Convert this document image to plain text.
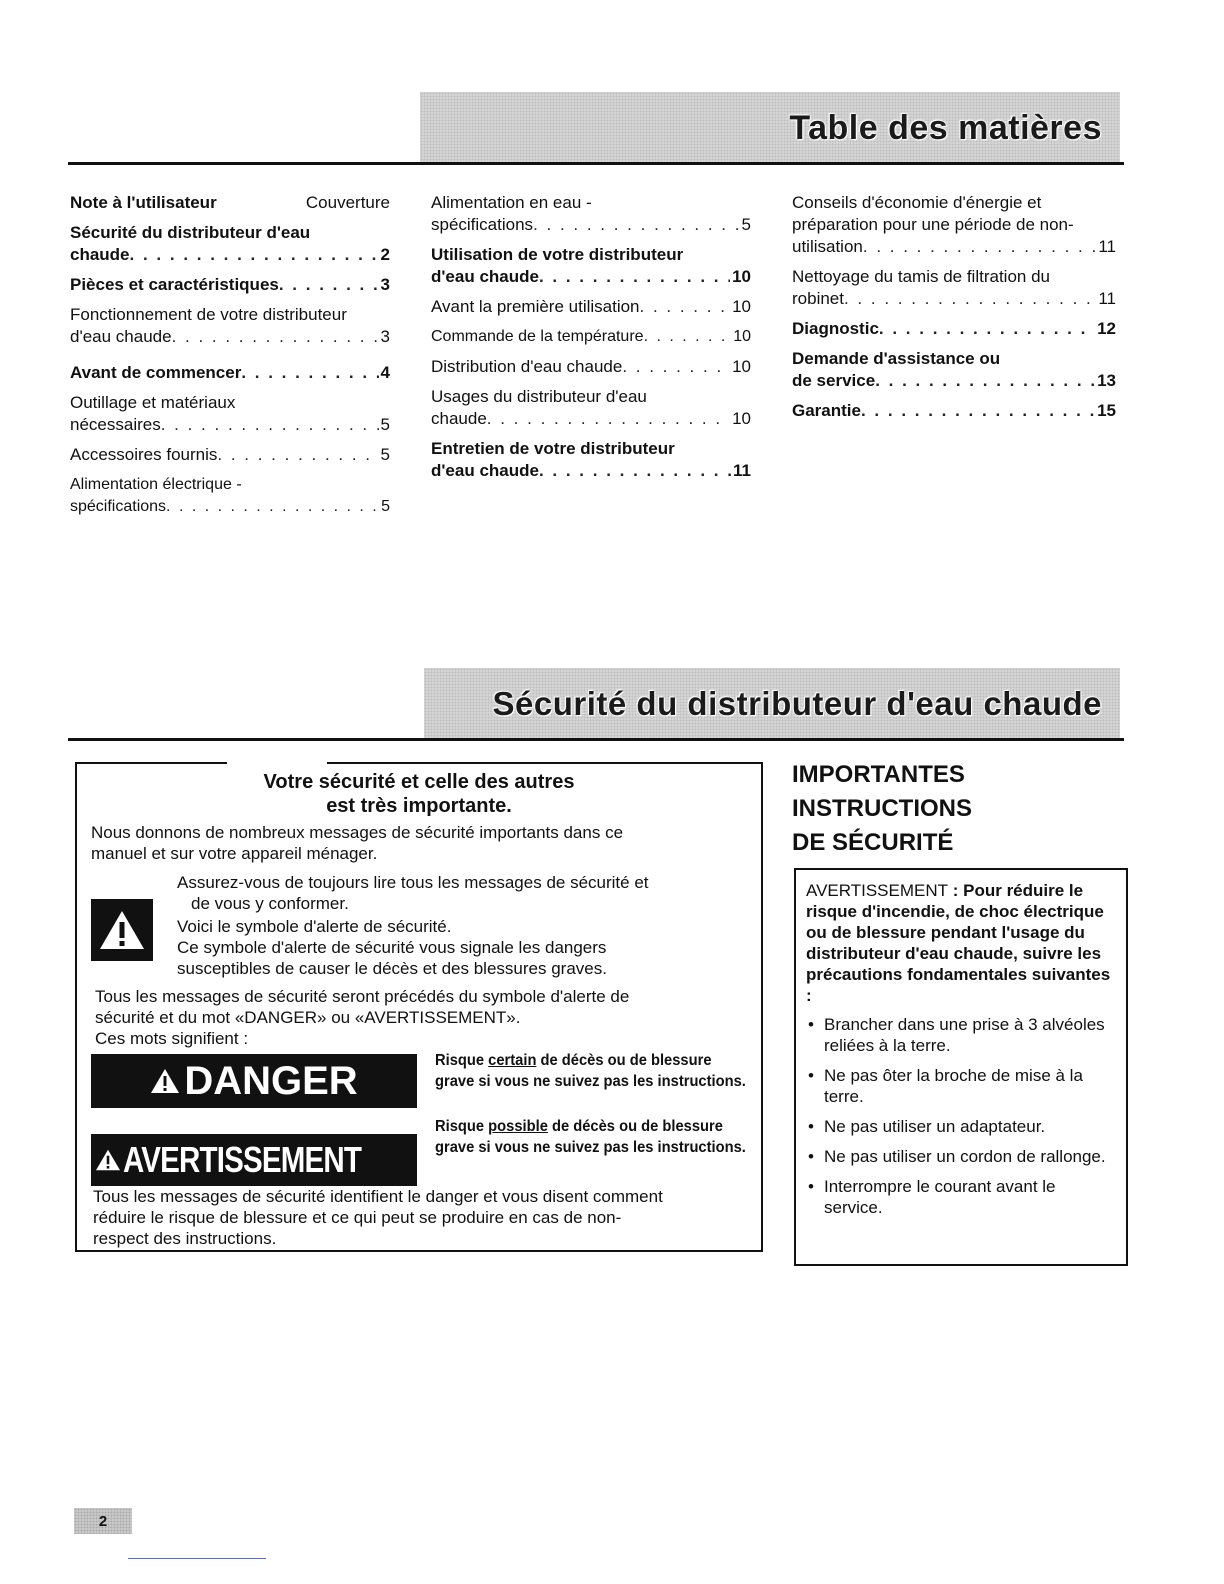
Table des matières
Note à l'utilisateur	Couverture
Sécurité du distributeur d'eau
chaude . . .	2
Pièces et caractéristiques . . .	3
Fonctionnement de votre distributeur
d'eau chaude . . .	3
Avant de commencer . . .	4
Outillage et matériaux
nécessaires . . .	5
Accessoires fournis . . .	5
Alimentation électrique -
spécifications . . .	5
Alimentation en eau -
spécifications . . .	5
Utilisation de votre distributeur
d'eau chaude . . .	10
Avant la première utilisation . . .	10
Commande de la température . . .	10
Distribution d'eau chaude . . .	10
Usages du distributeur d'eau
chaude . . .	10
Entretien de votre distributeur
d'eau chaude . . .	11
Conseils d'économie d'énergie et
préparation pour une période de non-
utilisation . . .	11
Nettoyage du tamis de filtration du
robinet . . .	11
Diagnostic . . .	12
Demande d'assistance ou
de service . . .	13
Garantie . . .	15
Sécurité du distributeur d'eau chaude
Votre sécurité et celle des autres
est très importante.
Nous donnons de nombreux messages de sécurité importants dans ce
manuel et sur votre appareil ménager.
Assurez-vous de toujours lire tous les messages de sécurité et
de vous y conformer.
Voici le symbole d'alerte de sécurité.
Ce symbole d'alerte de sécurité vous signale les dangers
susceptibles de causer le décès et des blessures graves.
Tous les messages de sécurité seront précédés du symbole d'alerte de
sécurité et du mot «DANGER» ou «AVERTISSEMENT».
Ces mots signifient :
DANGER	Risque certain de décès ou de blessure grave si vous ne suivez pas les instructions.
AVERTISSEMENT
Risque possible de décès ou de blessure grave si vous ne suivez pas les instructions.
Tous les messages de sécurité identifient le danger et vous disent comment
réduire le risque de blessure et ce qui peut se produire en cas de non-
respect des instructions.
IMPORTANTES
INSTRUCTIONS
DE SÉCURITÉ
AVERTISSEMENT : Pour réduire le risque d'incendie, de choc électrique ou de blessure pendant l'usage du distributeur d'eau chaude, suivre les précautions fondamentales suivantes :
• Brancher dans une prise à 3 alvéoles reliées à la terre.
• Ne pas ôter la broche de mise à la terre.
• Ne pas utiliser un adaptateur.
• Ne pas utiliser un cordon de rallonge.
• Interrompre le courant avant le service.
2
